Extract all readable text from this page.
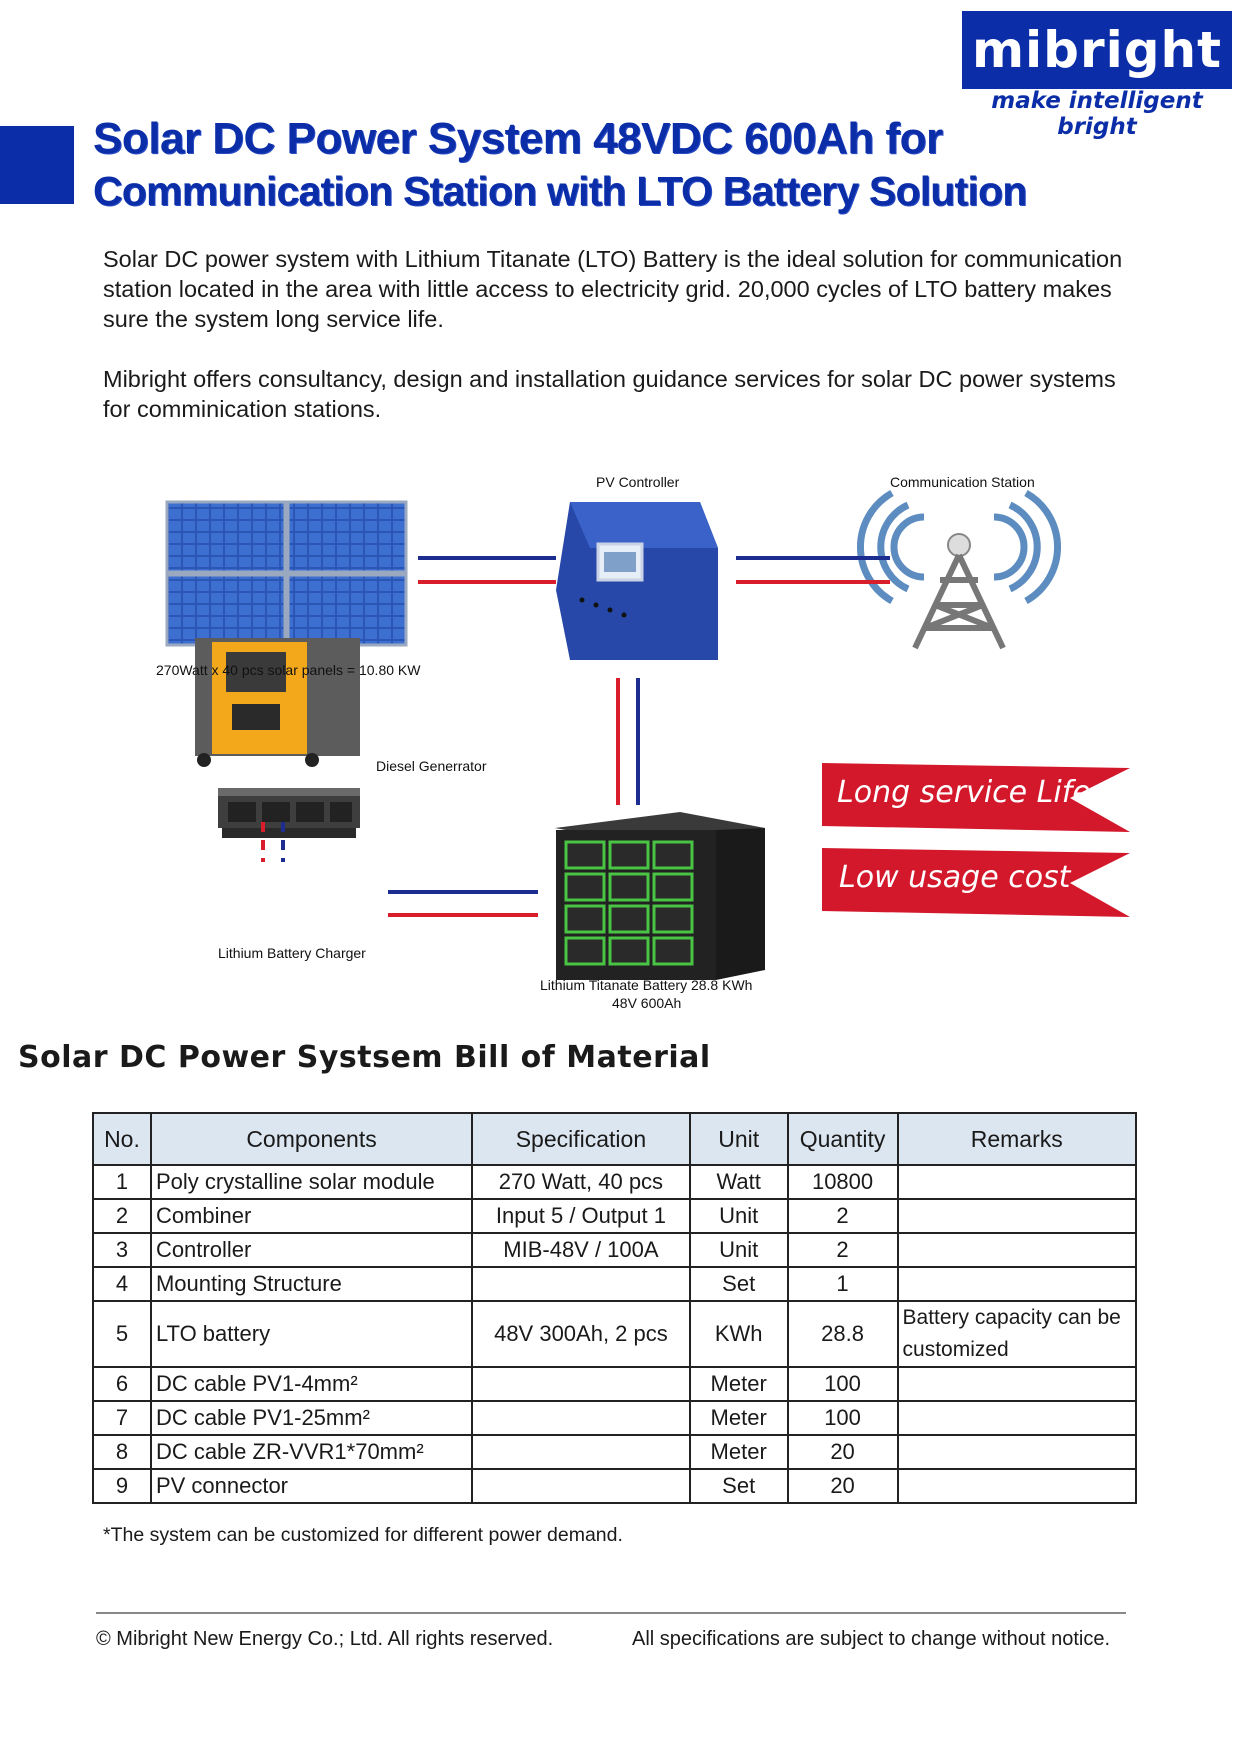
mibright
make intelligent bright
Solar DC Power System 48VDC 600Ah for
Communication Station with LTO Battery Solution

Solar DC power system with Lithium Titanate (LTO) Battery is the ideal solution for communication station located in the area with little access to electricity grid. 20,000 cycles of LTO battery makes sure the system long service life.

Mibright offers consultancy, design and installation guidance services for solar DC power systems for comminication stations.

PV Controller	Communication Station
270Watt x 40 pcs solar panels = 10.80 KW
Diesel Generrator
Lithium Battery Charger
Lithium Titanate Battery 28.8 KWh
48V 600Ah
Long service Life
Low usage cost
Solar DC Power Systsem Bill of Material
No.	Components	Specification	Unit	Quantity	Remarks
1	Poly crystalline solar module	270 Watt, 40 pcs	Watt	10800	
2	Combiner	Input 5 / Output 1	Unit	2	
3	Controller	MIB-48V / 100A	Unit	2	
4	Mounting Structure		Set	1	
5	LTO battery	48V 300Ah, 2 pcs	KWh	28.8	Battery capacity can be customized
6	DC cable PV1-4mm²		Meter	100	
7	DC cable PV1-25mm²		Meter	100	
8	DC cable ZR-VVR1*70mm²		Meter	20	
9	PV connector		Set	20	
*The system can be customized for different power demand.
© Mibright New Energy Co.; Ltd. All rights reserved.	All specifications are subject to change without notice.
